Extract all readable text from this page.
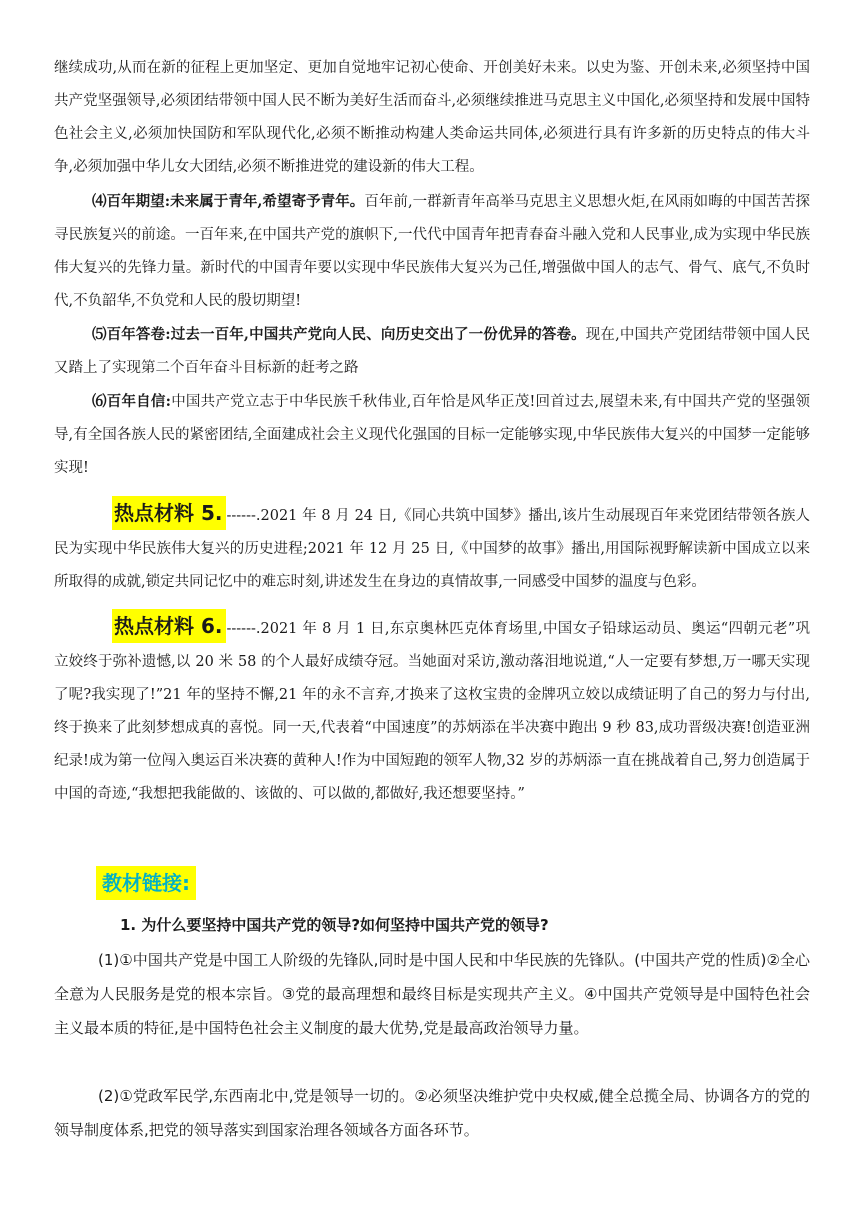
继续成功,从而在新的征程上更加坚定、更加自觉地牢记初心使命、开创美好未来。以史为鉴、开创未来,必须坚持中国共产党坚强领导,必须团结带领中国人民不断为美好生活而奋斗,必须继续推进马克思主义中国化,必须坚持和发展中国特色社会主义,必须加快国防和军队现代化,必须不断推动构建人类命运共同体,必须进行具有许多新的历史特点的伟大斗争,必须加强中华儿女大团结,必须不断推进党的建设新的伟大工程。

⑷百年期望:未来属于青年,希望寄予青年。百年前,一群新青年高举马克思主义思想火炬,在风雨如晦的中国苦苦探寻民族复兴的前途。一百年来,在中国共产党的旗帜下,一代代中国青年把青春奋斗融入党和人民事业,成为实现中华民族伟大复兴的先锋力量。新时代的中国青年要以实现中华民族伟大复兴为己任,增强做中国人的志气、骨气、底气,不负时代,不负韶华,不负党和人民的殷切期望!

⑸百年答卷:过去一百年,中国共产党向人民、向历史交出了一份优异的答卷。现在,中国共产党团结带领中国人民又踏上了实现第二个百年奋斗目标新的赶考之路

⑹百年自信:中国共产党立志于中华民族千秋伟业,百年恰是风华正茂!回首过去,展望未来,有中国共产党的坚强领导,有全国各族人民的紧密团结,全面建成社会主义现代化强国的目标一定能够实现,中华民族伟大复兴的中国梦一定能够实现!

热点材料 5. ------.2021 年 8 月 24 日,《同心共筑中国梦》播出,该片生动展现百年来党团结带领各族人民为实现中华民族伟大复兴的历史进程;2021 年 12 月 25 日,《中国梦的故事》播出,用国际视野解读新中国成立以来所取得的成就,锁定共同记忆中的难忘时刻,讲述发生在身边的真情故事,一同感受中国梦的温度与色彩。

热点材料 6. ------.2021 年 8 月 1 日,东京奥林匹克体育场里,中国女子铅球运动员、奥运“四朝元老”巩立姣终于弥补遗憾,以 20 米 58 的个人最好成绩夺冠。当她面对采访,激动落泪地说道,“人一定要有梦想,万一哪天实现了呢?我实现了!”21 年的坚持不懈,21 年的永不言弃,才换来了这枚宝贵的金牌巩立姣以成绩证明了自己的努力与付出,终于换来了此刻梦想成真的喜悦。同一天,代表着“中国速度”的苏炳添在半决赛中跑出 9 秒 83,成功晋级决赛!创造亚洲纪录!成为第一位闯入奥运百米决赛的黄种人!作为中国短跑的领军人物,32 岁的苏炳添一直在挑战着自己,努力创造属于中国的奇迹,“我想把我能做的、该做的、可以做的,都做好,我还想要坚持。”

教材链接:
1. 为什么要坚持中国共产党的领导?如何坚持中国共产党的领导?

(1)①中国共产党是中国工人阶级的先锋队,同时是中国人民和中华民族的先锋队。(中国共产党的性质)②全心全意为人民服务是党的根本宗旨。③党的最高理想和最终目标是实现共产主义。④中国共产党领导是中国特色社会主义最本质的特征,是中国特色社会主义制度的最大优势,党是最高政治领导力量。

(2)①党政军民学,东西南北中,党是领导一切的。②必须坚决维护党中央权威,健全总揽全局、协调各方的党的领导制度体系,把党的领导落实到国家治理各领域各方面各环节。
